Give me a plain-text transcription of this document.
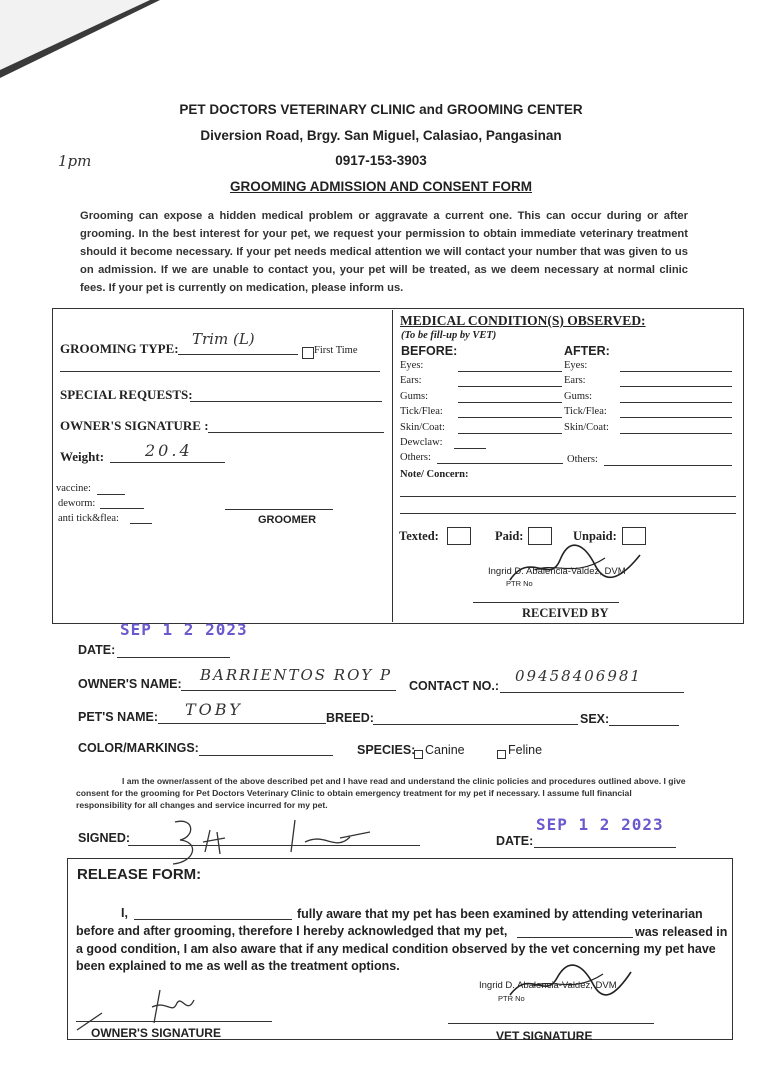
PET DOCTORS VETERINARY CLINIC and GROOMING CENTER
Diversion Road, Brgy. San Miguel, Calasiao, Pangasinan
0917-153-3903
GROOMING ADMISSION AND CONSENT FORM
1pm
Grooming can expose a hidden medical problem or aggravate a current one. This can occur during or after grooming. In the best interest for your pet, we request your permission to obtain immediate veterinary treatment should it become necessary. If your pet needs medical attention we will contact your number that was given to us on admission. If we are unable to contact you, your pet will be treated, as we deem necessary at normal clinic fees. If your pet is currently on medication, please inform us.
GROOMING TYPE:
Trim (L)
First Time
SPECIAL REQUESTS:
OWNER'S SIGNATURE :
Weight:	20.4
vaccine:
deworm:
anti tick&flea:	GROOMER
MEDICAL CONDITION(S) OBSERVED:
(To be fill-up by VET)
BEFORE:	AFTER:
Eyes:	Eyes:
Ears:	Ears:
Gums:	Gums:
Tick/Flea:	Tick/Flea:
Skin/Coat:	Skin/Coat:
Dewclaw:
Others:	Others:
Note/ Concern:
Texted:	Paid:	Unpaid:
Ingrid D. Abalencia-Valdez, DVM
PTR No
RECEIVED BY
SEP 1 2 2023
DATE:
OWNER'S NAME: BARRIENTOS ROY P
CONTACT NO.:
09458406981
PET'S NAME: TOBY	BREED:	SEX:
COLOR/MARKINGS:	SPECIES: Canine	Feline
I am the owner/assent of the above described pet and I have read and understand the clinic policies and procedures outlined above. I give consent for the grooming for Pet Doctors Veterinary Clinic to obtain emergency treatment for my pet if necessary. I assume full financial responsibility for all changes and service incurred for my pet.
SIGNED:
SEP 1 2 2023
DATE:
RELEASE FORM:
I,	fully aware that my pet has been examined by attending veterinarian
before and after grooming, therefore I hereby acknowledged that my pet,	was released in
a good condition, I am also aware that if any medical condition observed by the vet concerning my pet have
been explained to me as well as the treatment options.
OWNER'S SIGNATURE
Ingrid D. Abalencia-Valdez, DVM
PTR No
VET SIGNATURE
